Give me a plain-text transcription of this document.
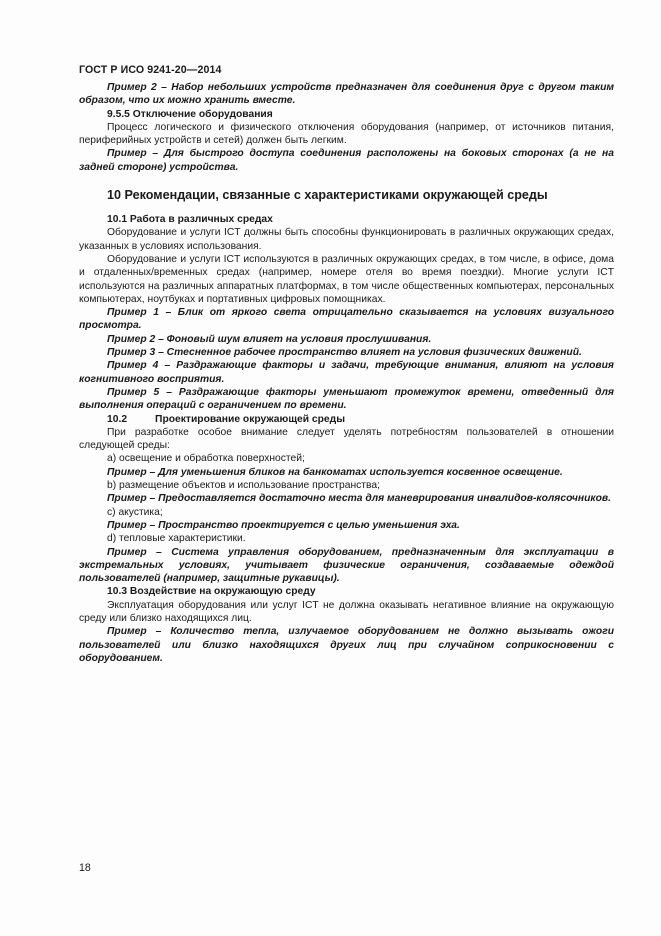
ГОСТ Р ИСО 9241-20—2014

Пример 2 – Набор небольших устройств предназначен для соединения друг с другом таким образом, что их можно хранить вместе.

9.5.5 Отключение оборудования

Процесс логического и физического отключения оборудования (например, от источников питания, периферийных устройств и сетей) должен быть легким.

Пример – Для быстрого доступа соединения расположены на боковых сторонах (а не на задней стороне) устройства.

10 Рекомендации, связанные с характеристиками окружающей среды

10.1 Работа в различных средах

Оборудование и услуги ICT должны быть способны функционировать в различных окружающих средах, указанных в условиях использования.

Оборудование и услуги ICT используются в различных окружающих средах, в том числе, в офисе, дома и отдаленных/временных средах (например, номере отеля во время поездки). Многие услуги ICT используются на различных аппаратных платформах, в том числе общественных компьютерах, персональных компьютерах, ноутбуках и портативных цифровых помощниках.

Пример 1 – Блик от яркого света отрицательно сказывается на условиях визуального просмотра.

Пример 2 – Фоновый шум влияет на условия прослушивания.

Пример 3 – Стесненное рабочее пространство влияет на условия физических движений.

Пример 4 – Раздражающие факторы и задачи, требующие внимания, влияют на условия когнитивного восприятия.

Пример 5 – Раздражающие факторы уменьшают промежуток времени, отведенный для выполнения операций с ограничением по времени.

10.2	Проектирование окружающей среды

При разработке особое внимание следует уделять потребностям пользователей в отношении следующей среды:

a) освещение и обработка поверхностей;

Пример – Для уменьшения бликов на банкоматах используется косвенное освещение.

b) размещение объектов и использование пространства;

Пример – Предоставляется достаточно места для маневрирования инвалидов-колясочников.

c) акустика;

Пример – Пространство проектируется с целью уменьшения эха.

d) тепловые характеристики.

Пример – Система управления оборудованием, предназначенным для эксплуатации в экстремальных условиях, учитывает физические ограничения, создаваемые одеждой пользователей (например, защитные рукавицы).

10.3 Воздействие на окружающую среду

Эксплуатация оборудования или услуг ICT не должна оказывать негативное влияние на окружающую среду или близко находящихся лиц.

Пример – Количество тепла, излучаемое оборудованием не должно вызывать ожоги пользователей или близко находящихся других лиц при случайном соприкосновении с оборудованием.

18
